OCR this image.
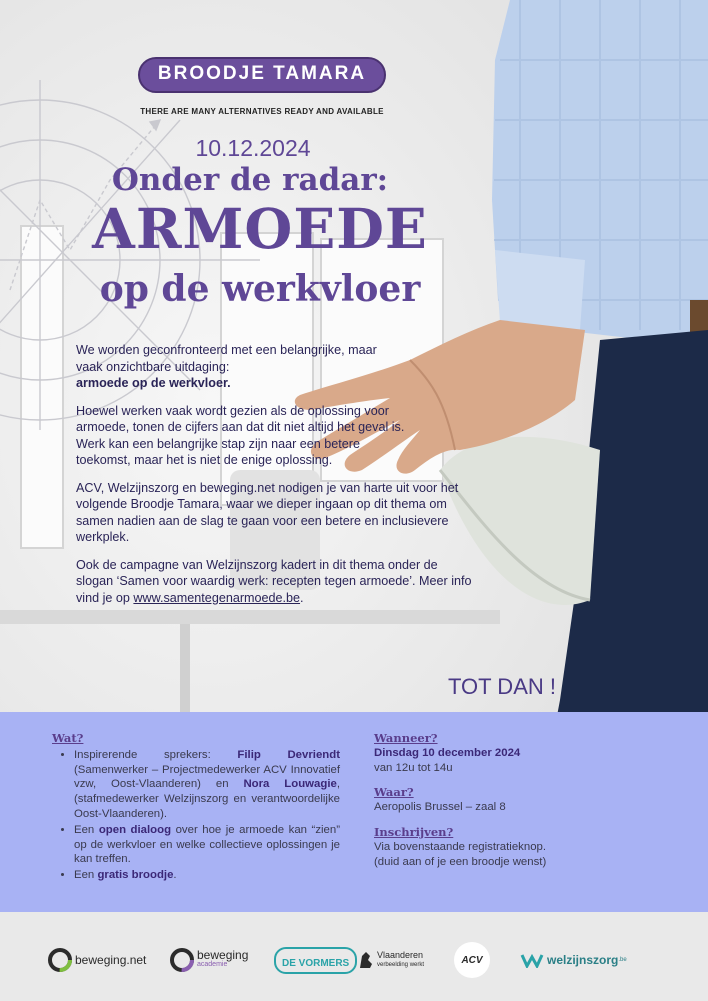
BROODJE TAMARA
THERE ARE MANY ALTERNATIVES READY AND AVAILABLE
10.12.2024
Onder de radar:
ARMOEDE
op de werkvloer

We worden geconfronteerd met een belangrijke, maar vaak onzichtbare uitdaging:
armoede op de werkvloer.

Hoewel werken vaak wordt gezien als de oplossing voor armoede, tonen de cijfers aan dat dit niet altijd het geval is. Werk kan een belangrijke stap zijn naar een betere toekomst, maar het is niet de enige oplossing.

ACV, Welzijnszorg en beweging.net nodigen je van harte uit voor het volgende Broodje Tamara, waar we dieper ingaan op dit thema om samen nadien aan de slag te gaan voor een betere en inclusievere werkplek.

Ook de campagne van Welzijnszorg kadert in dit thema onder de slogan ‘Samen voor waardig werk: recepten tegen armoede’. Meer info vind je op www.samentegenarmoede.be.

TOT DAN !
Wat?
• Inspirerende sprekers: Filip Devriendt (Samenwerker – Projectmedewerker ACV Innovatief vzw, Oost-Vlaanderen) en Nora Louwagie, (stafmedewerker Welzijnszorg en verantwoordelijke Oost-Vlaanderen).
• Een open dialoog over hoe je armoede kan “zien” op de werkvloer en welke collectieve oplossingen je kan treffen.
• Een gratis broodje.
Wanneer?
Dinsdag 10 december 2024
van 12u tot 14u
Waar?
Aeropolis Brussel – zaal 8
Inschrijven?
Via bovenstaande registratieknop.
(duid aan of je een broodje wenst)
beweging.net	beweging
academie	DE VORMERS
Vlaanderen
verbeelding werkt	ACV	welzijnszorg .be
